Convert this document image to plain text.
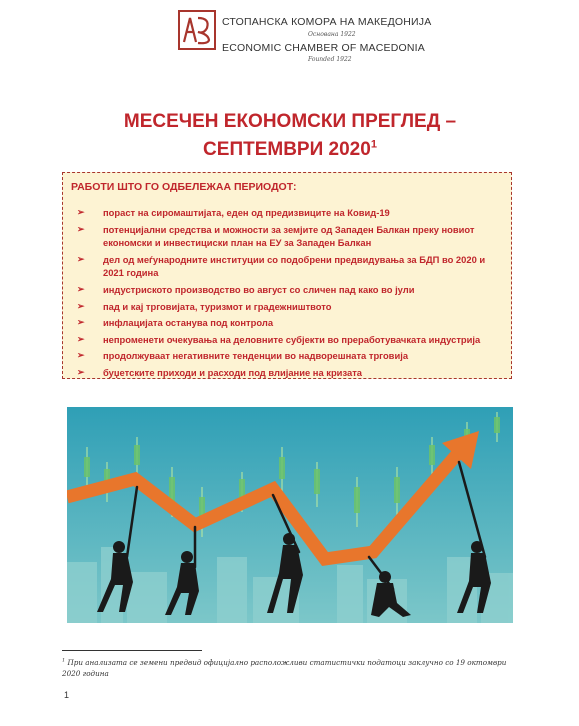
СТОПАНСКА КОМОРА НА МАКЕДОНИЈА
Основана 1922
ECONOMIC CHAMBER OF MACEDONIA
Founded 1922
МЕСЕЧЕН ЕКОНОМСКИ ПРЕГЛЕД –
СЕПТЕМВРИ 2020$^1$
РАБОТИ ШТО ГО ОДБЕЛЕЖАА ПЕРИОДОТ:
➢ пораст на сиромаштијата, еден од предизвиците на Ковид-19
➢ потенцијални средства и можности за земјите од Западен Балкан преку новиот економски и инвестициски план на ЕУ за Западен Балкан
➢ дел од меѓународните институции со подобрени предвидувања за БДП во 2020 и 2021 година
➢ индустриското производство во август со сличен пад како во јули
➢ пад и кај трговијата, туризмот и градежништвото
➢ инфлацијата останува под контрола
➢ непроменети очекувања на деловните субјекти во преработувачката индустрија
➢ продолжуваат негативните тенденции во надворешната трговија
➢ буџетските приходи и расходи под влијание на кризата
$^1$ При анализата се земени предвид официјално расположливи статистички податоци заклучно со 19 октомври 2020 година
1
